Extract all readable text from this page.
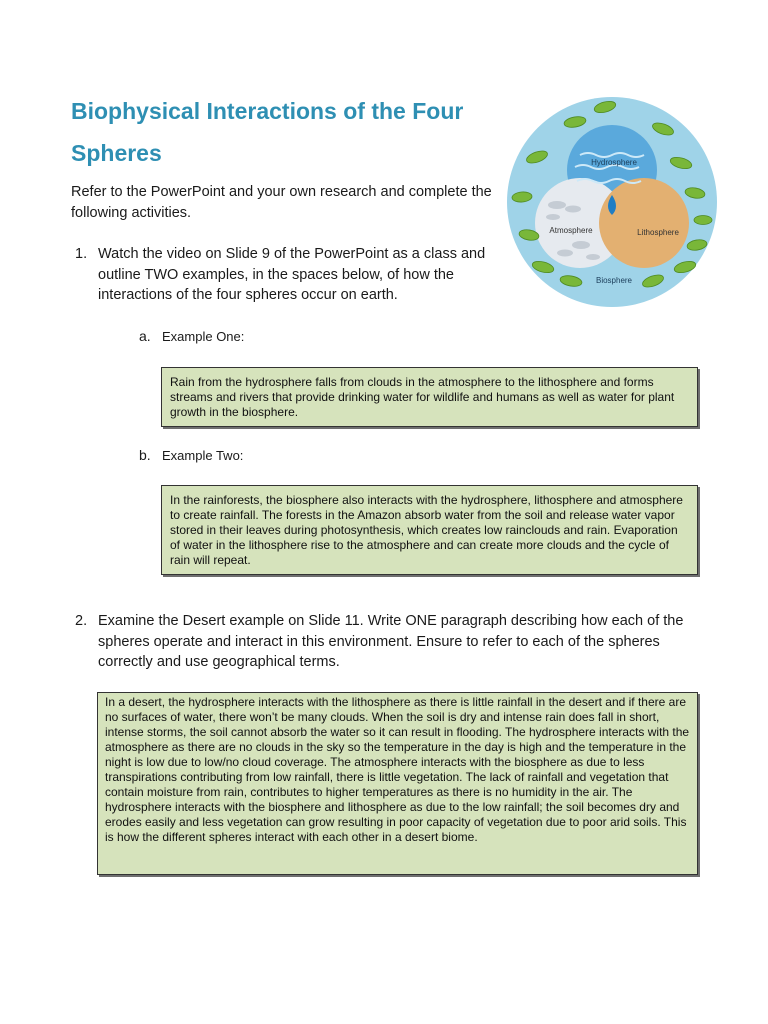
Biophysical Interactions of the Four Spheres

Refer to the PowerPoint and your own research and complete the following activities.

Hydrosphere
Atmosphere	Lithosphere
Biosphere
1. Watch the video on Slide 9 of the PowerPoint as a class and outline TWO examples, in the spaces below, of how the interactions of the four spheres occur on earth.
a. Example One:
Rain from the hydrosphere falls from clouds in the atmosphere to the lithosphere and forms streams and rivers that provide drinking water for wildlife and humans as well as water for plant growth in the biosphere.
b. Example Two:
In the rainforests, the biosphere also interacts with the hydrosphere, lithosphere and atmosphere to create rainfall. The forests in the Amazon absorb water from the soil and release water vapor stored in their leaves during photosynthesis, which creates low rainclouds and rain. Evaporation of water in the lithosphere rise to the atmosphere and can create more clouds and the cycle of rain will repeat.
2. Examine the Desert example on Slide 11. Write ONE paragraph describing how each of the spheres operate and interact in this environment. Ensure to refer to each of the spheres correctly and use geographical terms.
In a desert, the hydrosphere interacts with the lithosphere as there is little rainfall in the desert and if there are no surfaces of water, there won’t be many clouds. When the soil is dry and intense rain does fall in short, intense storms, the soil cannot absorb the water so it can result in flooding. The hydrosphere interacts with the atmosphere as there are no clouds in the sky so the temperature in the day is high and the temperature in the night is low due to low/no cloud coverage. The atmosphere interacts with the biosphere as due to less transpirations contributing from low rainfall, there is little vegetation. The lack of rainfall and vegetation that contain moisture from rain, contributes to higher temperatures as there is no humidity in the air. The hydrosphere interacts with the biosphere and lithosphere as due to the low rainfall; the soil becomes dry and erodes easily and less vegetation can grow resulting in poor capacity of vegetation due to poor arid soils. This is how the different spheres interact with each other in a desert biome.
